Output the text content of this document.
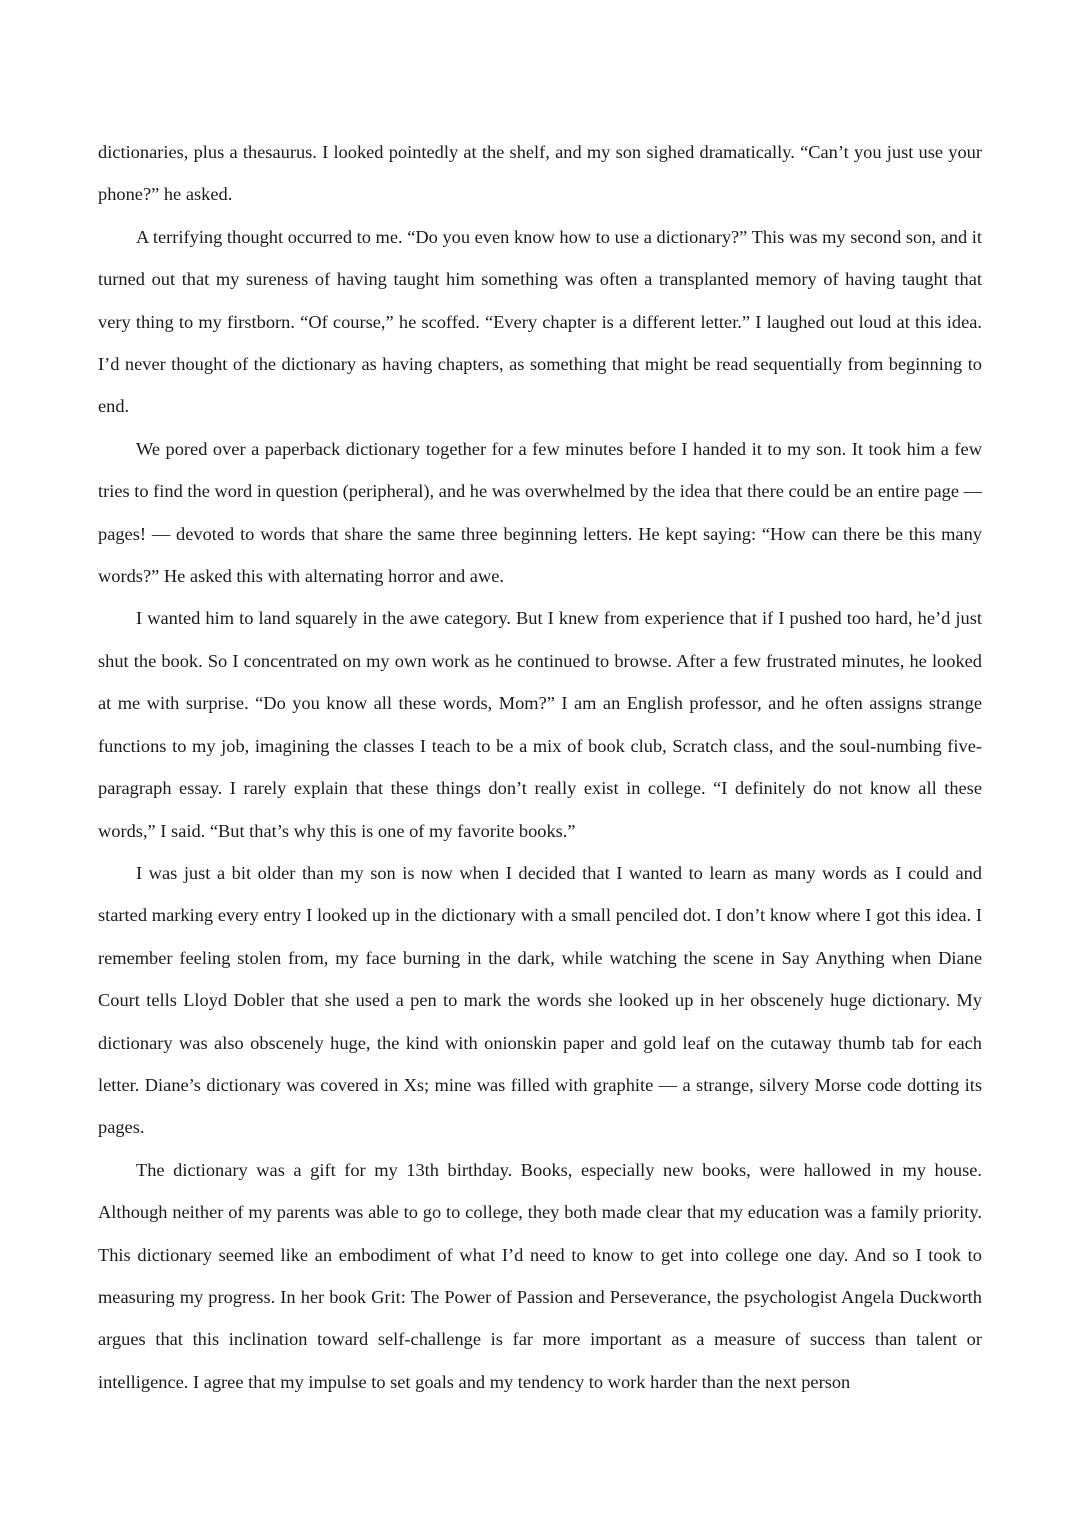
dictionaries, plus a thesaurus. I looked pointedly at the shelf, and my son sighed dramatically. “Can’t you just use your phone?” he asked.

A terrifying thought occurred to me. “Do you even know how to use a dictionary?” This was my second son, and it turned out that my sureness of having taught him something was often a transplanted memory of having taught that very thing to my firstborn. “Of course,” he scoffed. “Every chapter is a different letter.” I laughed out loud at this idea. I’d never thought of the dictionary as having chapters, as something that might be read sequentially from beginning to end.

We pored over a paperback dictionary together for a few minutes before I handed it to my son. It took him a few tries to find the word in question (peripheral), and he was overwhelmed by the idea that there could be an entire page — pages! — devoted to words that share the same three beginning letters. He kept saying: “How can there be this many words?” He asked this with alternating horror and awe.

I wanted him to land squarely in the awe category. But I knew from experience that if I pushed too hard, he’d just shut the book. So I concentrated on my own work as he continued to browse. After a few frustrated minutes, he looked at me with surprise. “Do you know all these words, Mom?” I am an English professor, and he often assigns strange functions to my job, imagining the classes I teach to be a mix of book club, Scratch class, and the soul-numbing five-paragraph essay. I rarely explain that these things don’t really exist in college. “I definitely do not know all these words,” I said. “But that’s why this is one of my favorite books.”

I was just a bit older than my son is now when I decided that I wanted to learn as many words as I could and started marking every entry I looked up in the dictionary with a small penciled dot. I don’t know where I got this idea. I remember feeling stolen from, my face burning in the dark, while watching the scene in Say Anything when Diane Court tells Lloyd Dobler that she used a pen to mark the words she looked up in her obscenely huge dictionary. My dictionary was also obscenely huge, the kind with onionskin paper and gold leaf on the cutaway thumb tab for each letter. Diane’s dictionary was covered in Xs; mine was filled with graphite — a strange, silvery Morse code dotting its pages.

The dictionary was a gift for my 13th birthday. Books, especially new books, were hallowed in my house. Although neither of my parents was able to go to college, they both made clear that my education was a family priority. This dictionary seemed like an embodiment of what I’d need to know to get into college one day. And so I took to measuring my progress. In her book Grit: The Power of Passion and Perseverance, the psychologist Angela Duckworth argues that this inclination toward self-challenge is far more important as a measure of success than talent or intelligence. I agree that my impulse to set goals and my tendency to work harder than the next person
